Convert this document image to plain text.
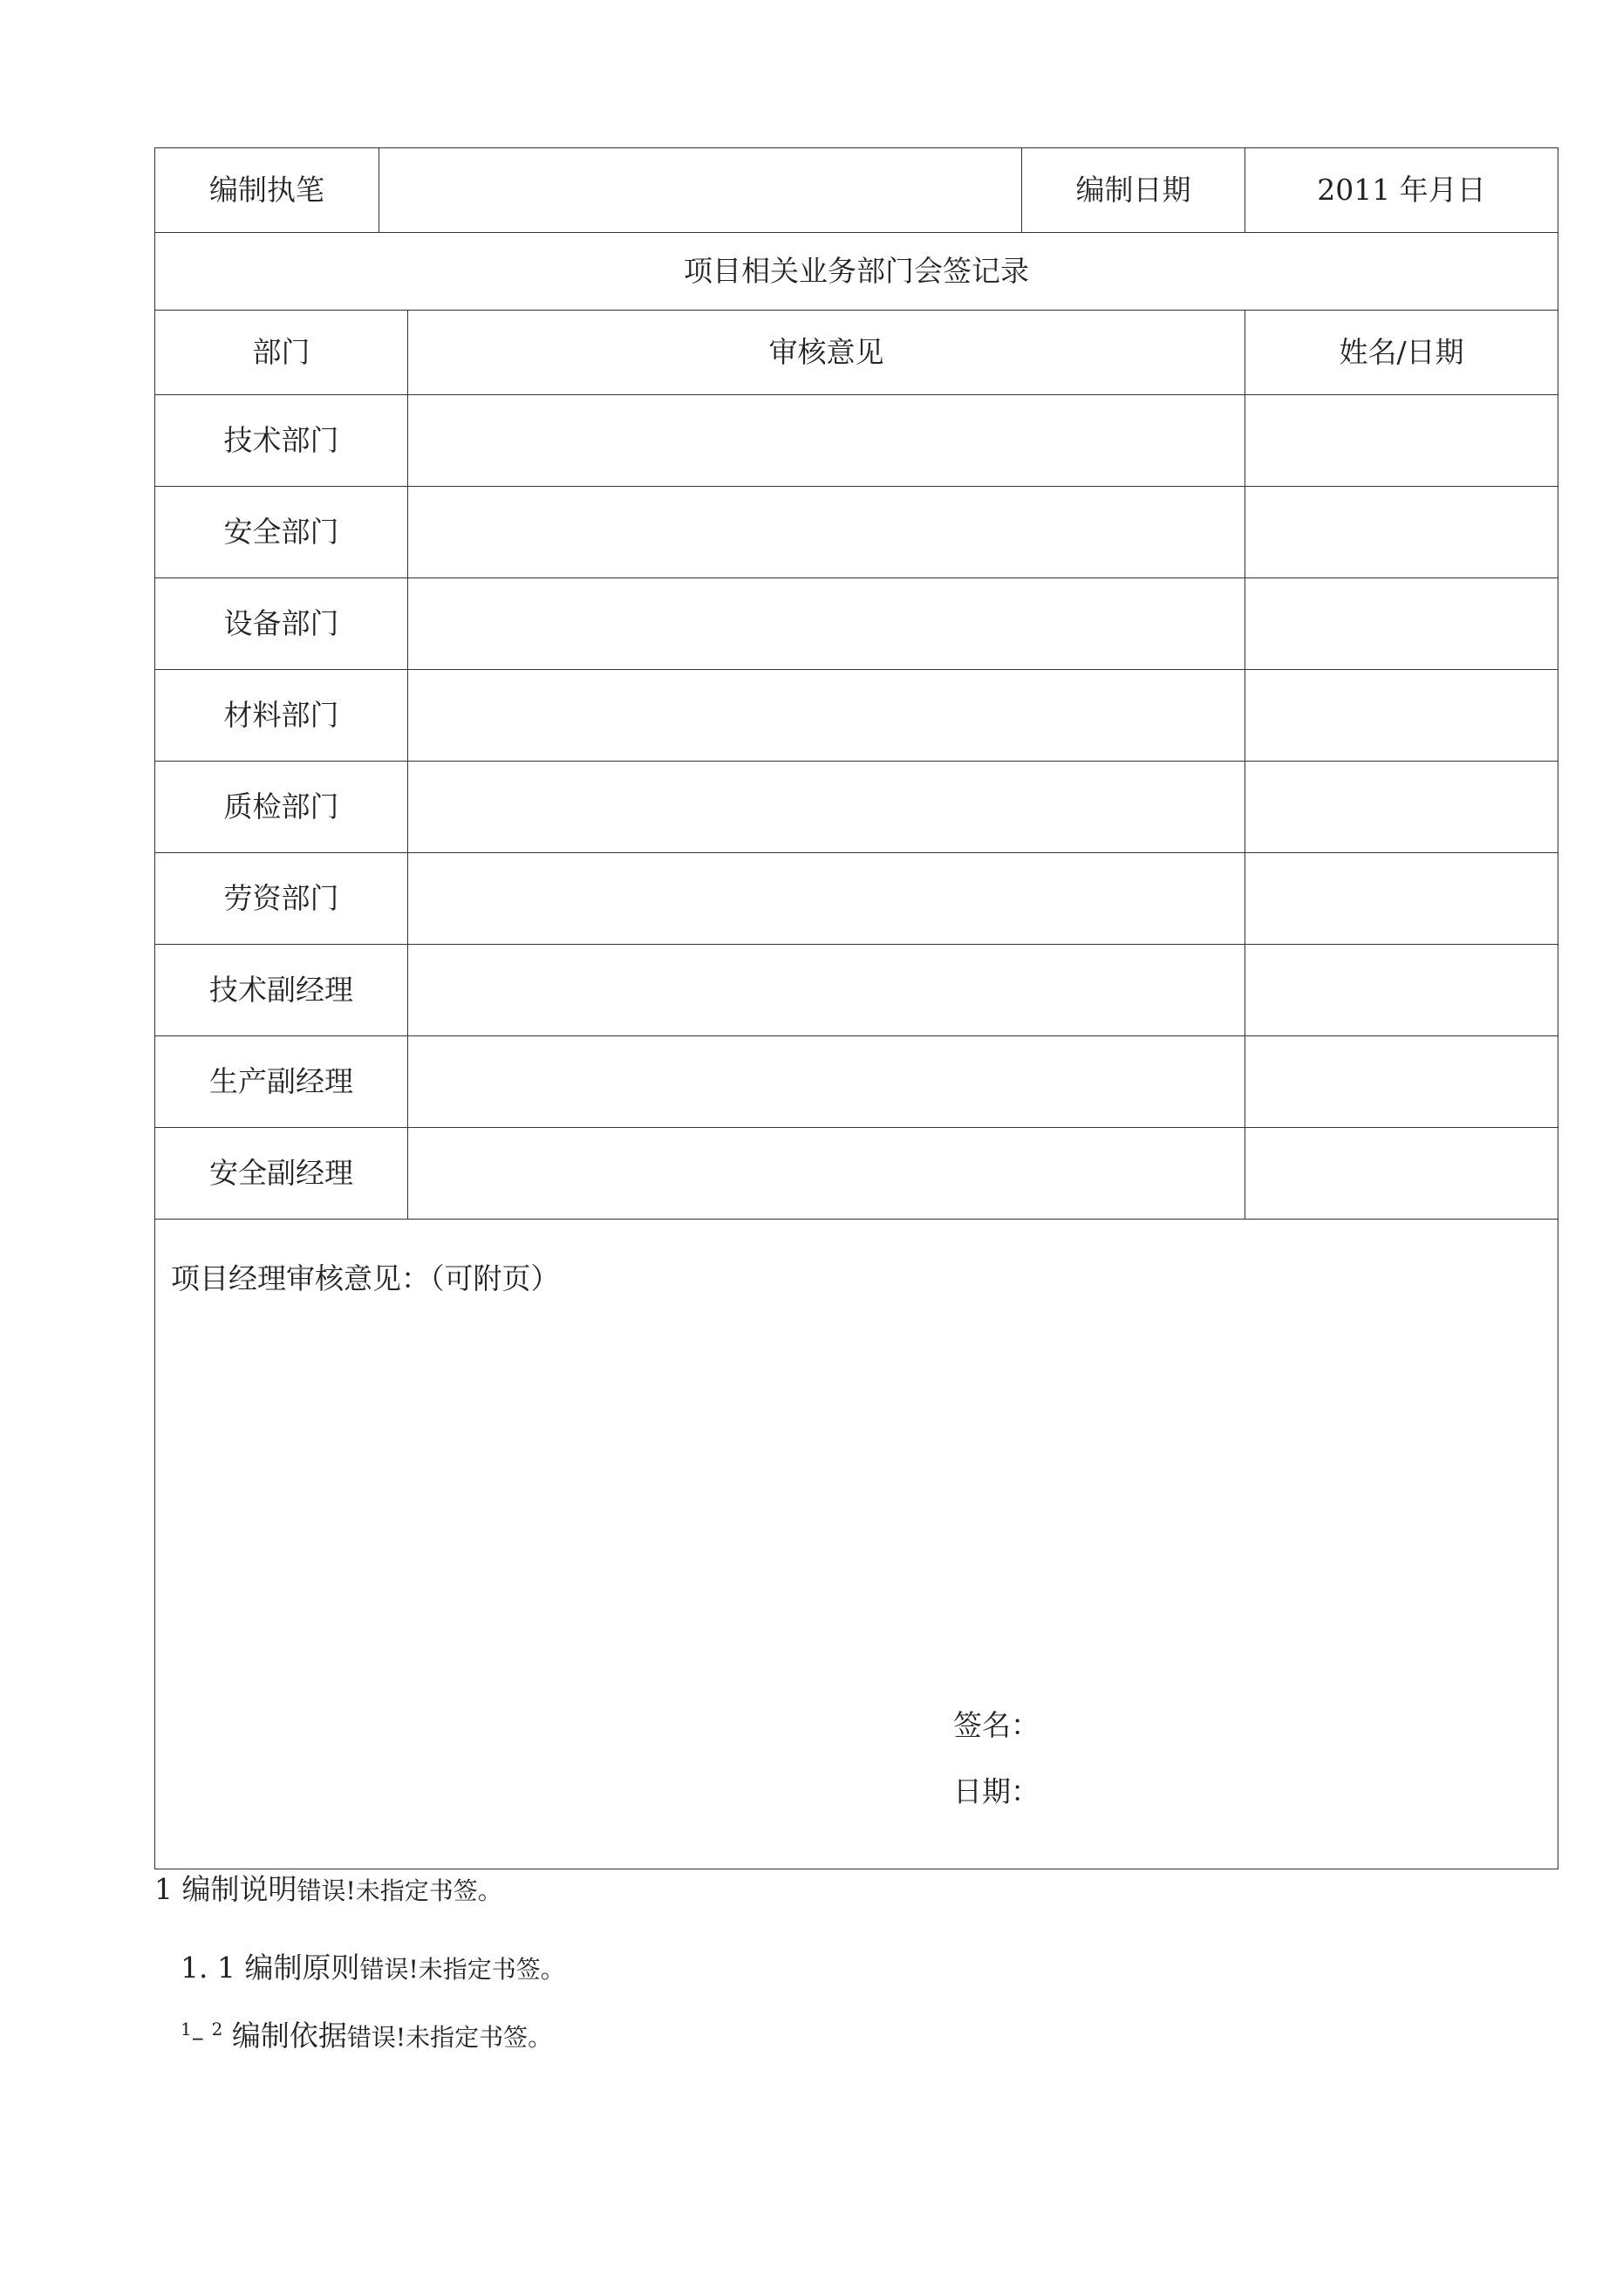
编制执笔			编制日期	2011 年月日
项目相关业务部门会签记录				
部门		审核意见		姓名/日期
技术部门				
安全部门				
设备部门				
材料部门				
质检部门				
劳资部门				
技术副经理				
生产副经理				
安全副经理				

项目经理审核意见：（可附页）
签名：
日期：				
1 编制说明错误!未指定书签。
1. 1 编制原则错误!未指定书签。
$^1$– $^2$ 编制依据错误!未指定书签。
